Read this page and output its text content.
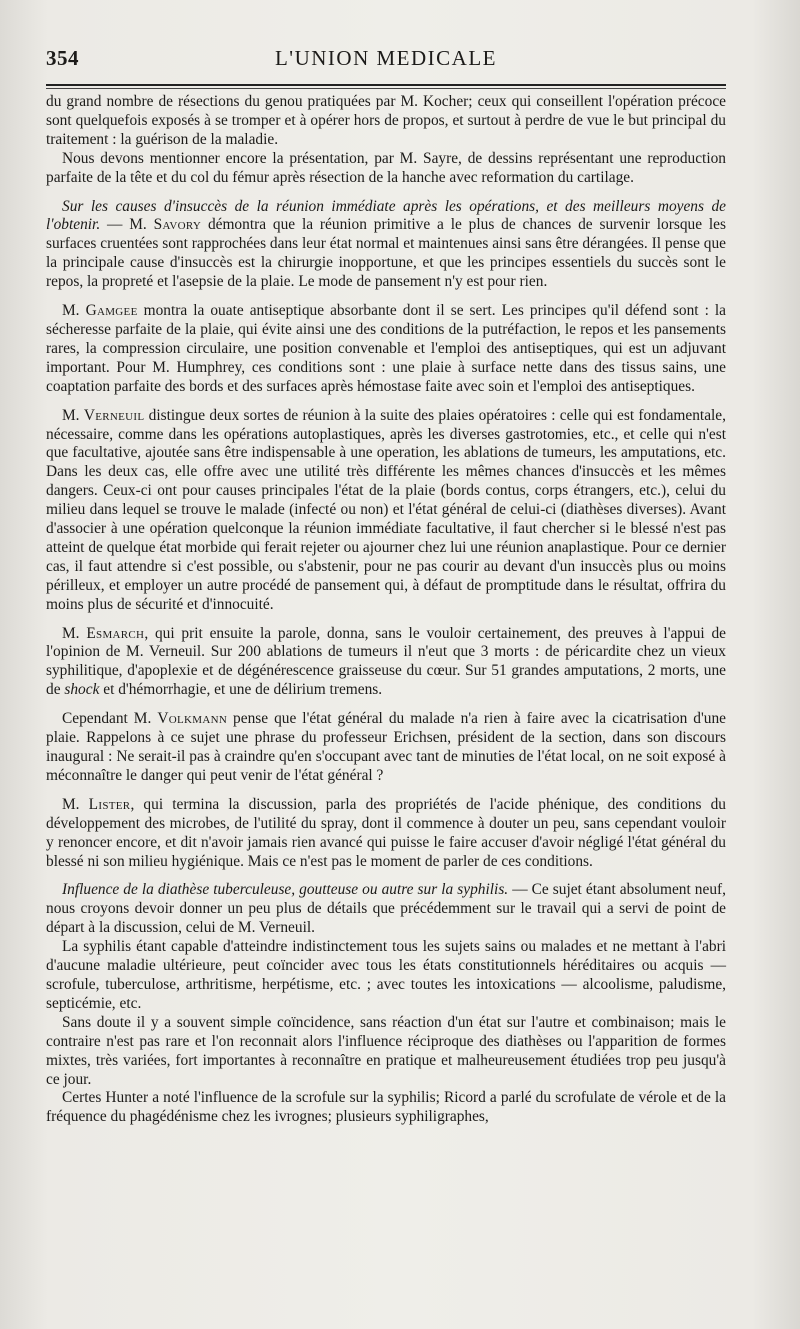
354	L'UNION MEDICALE

du grand nombre de résections du genou pratiquées par M. Kocher; ceux qui conseillent l'opération précoce sont quelquefois exposés à se tromper et à opérer hors de propos, et surtout à perdre de vue le but principal du traitement : la guérison de la maladie.

Nous devons mentionner encore la présentation, par M. Sayre, de dessins représentant une reproduction parfaite de la tête et du col du fémur après résection de la hanche avec reformation du cartilage.

Sur les causes d'insuccès de la réunion immédiate après les opérations, et des meilleurs moyens de l'obtenir. — M. Savory démontra que la réunion primitive a le plus de chances de survenir lorsque les surfaces cruentées sont rapprochées dans leur état normal et maintenues ainsi sans être dérangées. Il pense que la principale cause d'insuccès est la chirurgie inopportune, et que les principes essentiels du succès sont le repos, la propreté et l'asepsie de la plaie. Le mode de pansement n'y est pour rien.

M. Gamgee montra la ouate antiseptique absorbante dont il se sert. Les principes qu'il défend sont : la sécheresse parfaite de la plaie, qui évite ainsi une des conditions de la putréfaction, le repos et les pansements rares, la compression circulaire, une position convenable et l'emploi des antiseptiques, qui est un adjuvant important. Pour M. Humphrey, ces conditions sont : une plaie à surface nette dans des tissus sains, une coaptation parfaite des bords et des surfaces après hémostase faite avec soin et l'emploi des antiseptiques.

M. Verneuil distingue deux sortes de réunion à la suite des plaies opératoires : celle qui est fondamentale, nécessaire, comme dans les opérations autoplastiques, après les diverses gastrotomies, etc., et celle qui n'est que facultative, ajoutée sans être indispensable à une operation, les ablations de tumeurs, les amputations, etc. Dans les deux cas, elle offre avec une utilité très différente les mêmes chances d'insuccès et les mêmes dangers. Ceux-ci ont pour causes principales l'état de la plaie (bords contus, corps étrangers, etc.), celui du milieu dans lequel se trouve le malade (infecté ou non) et l'état général de celui-ci (diathèses diverses). Avant d'associer à une opération quelconque la réunion immédiate facultative, il faut chercher si le blessé n'est pas atteint de quelque état morbide qui ferait rejeter ou ajourner chez lui une réunion anaplastique. Pour ce dernier cas, il faut attendre si c'est possible, ou s'abstenir, pour ne pas courir au devant d'un insuccès plus ou moins périlleux, et employer un autre procédé de pansement qui, à défaut de promptitude dans le résultat, offrira du moins plus de sécurité et d'innocuité.

M. Esmarch, qui prit ensuite la parole, donna, sans le vouloir certainement, des preuves à l'appui de l'opinion de M. Verneuil. Sur 200 ablations de tumeurs il n'eut que 3 morts : de péricardite chez un vieux syphilitique, d'apoplexie et de dégénérescence graisseuse du cœur. Sur 51 grandes amputations, 2 morts, une de shock et d'hémorrhagie, et une de délirium tremens.

Cependant M. Volkmann pense que l'état général du malade n'a rien à faire avec la cicatrisation d'une plaie. Rappelons à ce sujet une phrase du professeur Erichsen, président de la section, dans son discours inaugural : Ne serait-il pas à craindre qu'en s'occupant avec tant de minuties de l'état local, on ne soit exposé à méconnaître le danger qui peut venir de l'état général ?

M. Lister, qui termina la discussion, parla des propriétés de l'acide phénique, des conditions du développement des microbes, de l'utilité du spray, dont il commence à douter un peu, sans cependant vouloir y renoncer encore, et dit n'avoir jamais rien avancé qui puisse le faire accuser d'avoir négligé l'état général du blessé ni son milieu hygiénique. Mais ce n'est pas le moment de parler de ces conditions.

Influence de la diathèse tuberculeuse, goutteuse ou autre sur la syphilis. — Ce sujet étant absolument neuf, nous croyons devoir donner un peu plus de détails que précédemment sur le travail qui a servi de point de départ à la discussion, celui de M. Verneuil.

La syphilis étant capable d'atteindre indistinctement tous les sujets sains ou malades et ne mettant à l'abri d'aucune maladie ultérieure, peut coïncider avec tous les états constitutionnels héréditaires ou acquis — scrofule, tuberculose, arthritisme, herpétisme, etc. ; avec toutes les intoxications — alcoolisme, paludisme, septicémie, etc.

Sans doute il y a souvent simple coïncidence, sans réaction d'un état sur l'autre et combinaison; mais le contraire n'est pas rare et l'on reconnait alors l'influence réciproque des diathèses ou l'apparition de formes mixtes, très variées, fort importantes à reconnaître en pratique et malheureusement étudiées trop peu jusqu'à ce jour.

Certes Hunter a noté l'influence de la scrofule sur la syphilis; Ricord a parlé du scrofulate de vérole et de la fréquence du phagédénisme chez les ivrognes; plusieurs syphiligraphes,
